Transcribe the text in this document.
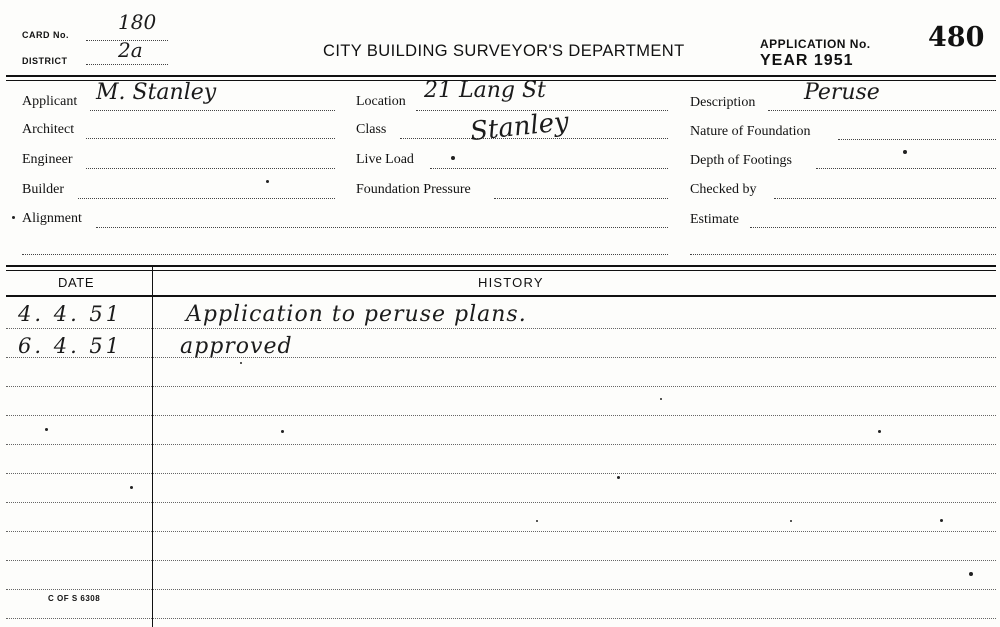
CARD No.
180
DISTRICT	2a	CITY BUILDING SURVEYOR'S DEPARTMENT	APPLICATION No. 480
YEAR 1951
Applicant M. Stanley
Architect
Engineer
Builder
Alignment
Location 21 Lang St
Class	Stanley
Live Load
Foundation Pressure
Description Peruse
Nature of Foundation
Depth of Footings
Checked by
Estimate
DATE	HISTORY
4. 4. 51	Application to peruse plans.
6. 4. 51	approved
C OF S 6308
